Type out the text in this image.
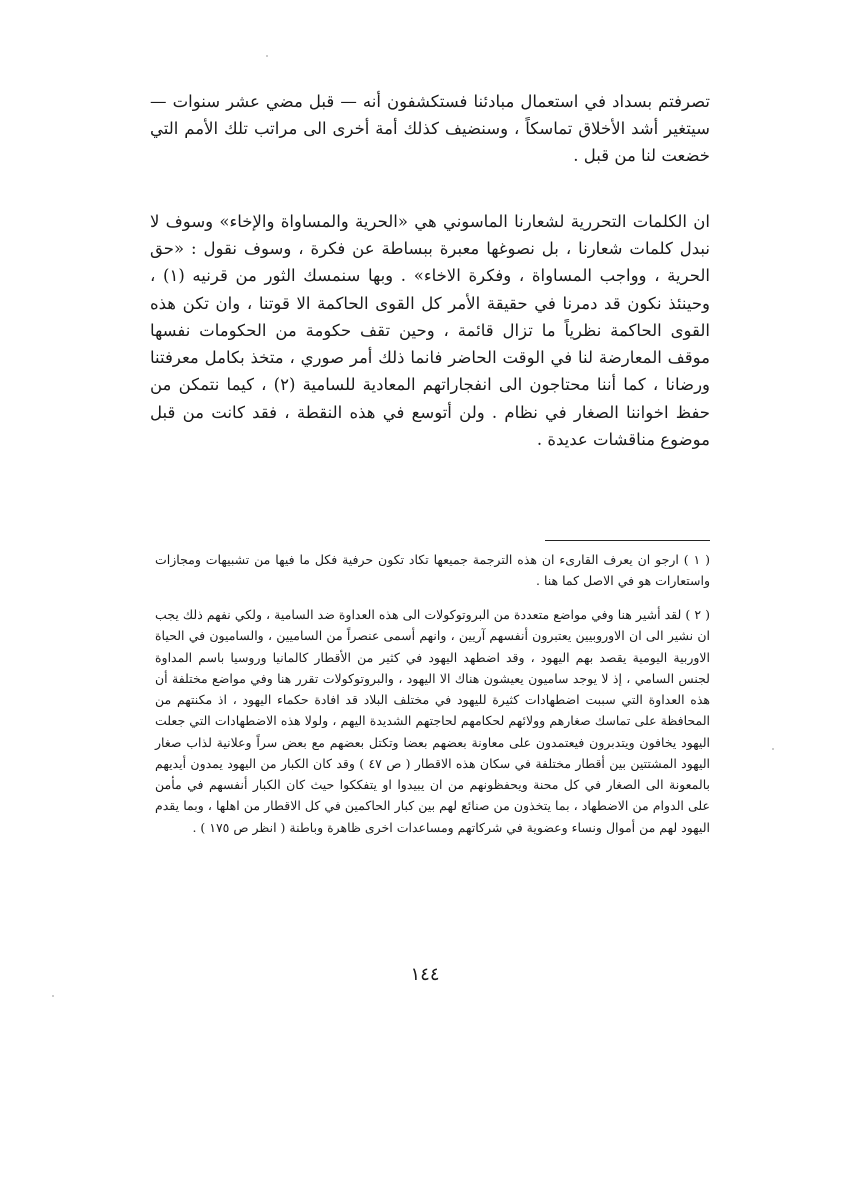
تصرفتم بسداد في استعمال مبادئنا فستكشفون أنه — قبل مضي عشر سنوات — سيتغير أشد الأخلاق تماسكاً ، وسنضيف كذلك أمة أخرى الى مراتب تلك الأمم التي خضعت لنا من قبل .

ان الكلمات التحررية لشعارنا الماسوني هي «الحرية والمساواة والإخاء» وسوف لا نبدل كلمات شعارنا ، بل نصوغها معبرة ببساطة عن فكرة ، وسوف نقول : «حق الحرية ، وواجب المساواة ، وفكرة الاخاء» . وبها سنمسك الثور من قرنيه (١) ، وحينئذ نكون قد دمرنا في حقيقة الأمر كل القوى الحاكمة الا قوتنا ، وان تكن هذه القوى الحاكمة نظرياً ما تزال قائمة ، وحين تقف حكومة من الحكومات نفسها موقف المعارضة لنا في الوقت الحاضر فانما ذلك أمر صوري ، متخذ بكامل معرفتنا ورضانا ، كما أننا محتاجون الى انفجاراتهم المعادية للسامية (٢) ، كيما نتمكن من حفظ اخواننا الصغار في نظام . ولن أتوسع في هذه النقطة ، فقد كانت من قبل موضوع مناقشات عديدة .

( ١ ) ارجو ان يعرف القارىء ان هذه الترجمة جميعها تكاد تكون حرفية فكل ما فيها من تشبيهات ومجازات واستعارات هو في الاصل كما هنا .

( ٢ ) لقد أشير هنا وفي مواضع متعددة من البروتوكولات الى هذه العداوة ضد السامية ، ولكي نفهم ذلك يجب ان نشير الى ان الاوروبيين يعتبرون أنفسهم آريين ، وانهم أسمى عنصراً من الساميين ، والساميون في الحياة الاوربية اليومية يقصد بهم اليهود ، وقد اضطهد اليهود في كثير من الأقطار كالمانيا وروسيا باسم المداوة لجنس السامي ، إذ لا يوجد ساميون يعيشون هناك الا اليهود ، والبروتوكولات تقرر هنا وفي مواضع مختلفة أن هذه العداوة التي سببت اضطهادات كثيرة لليهود في مختلف البلاد قد افادة حكماء اليهود ، اذ مكنتهم من المحافظة على تماسك صغارهم وولائهم لحكامهم لحاجتهم الشديدة اليهم ، ولولا هذه الاضطهادات التي جعلت اليهود يخافون ويتدبرون فيعتمدون على معاونة بعضهم بعضا وتكتل بعضهم مع بعض سراً وعلانية لذاب صغار اليهود المشتتين بين أقطار مختلفة في سكان هذه الاقطار ( ص ٤٧ ) وقد كان الكبار من اليهود يمدون أيديهم بالمعونة الى الصغار في كل محنة ويحفظونهم من ان يبيدوا او يتفككوا حيث كان الكبار أنفسهم في مأمن على الدوام من الاضطهاد ، بما يتخذون من صنائع لهم بين كبار الحاكمين في كل الاقطار من اهلها ، وبما يقدم اليهود لهم من أموال ونساء وعضوية في شركاتهم ومساعدات اخرى ظاهرة وباطنة ( انظر ص ١٧٥ ) .

١٤٤
